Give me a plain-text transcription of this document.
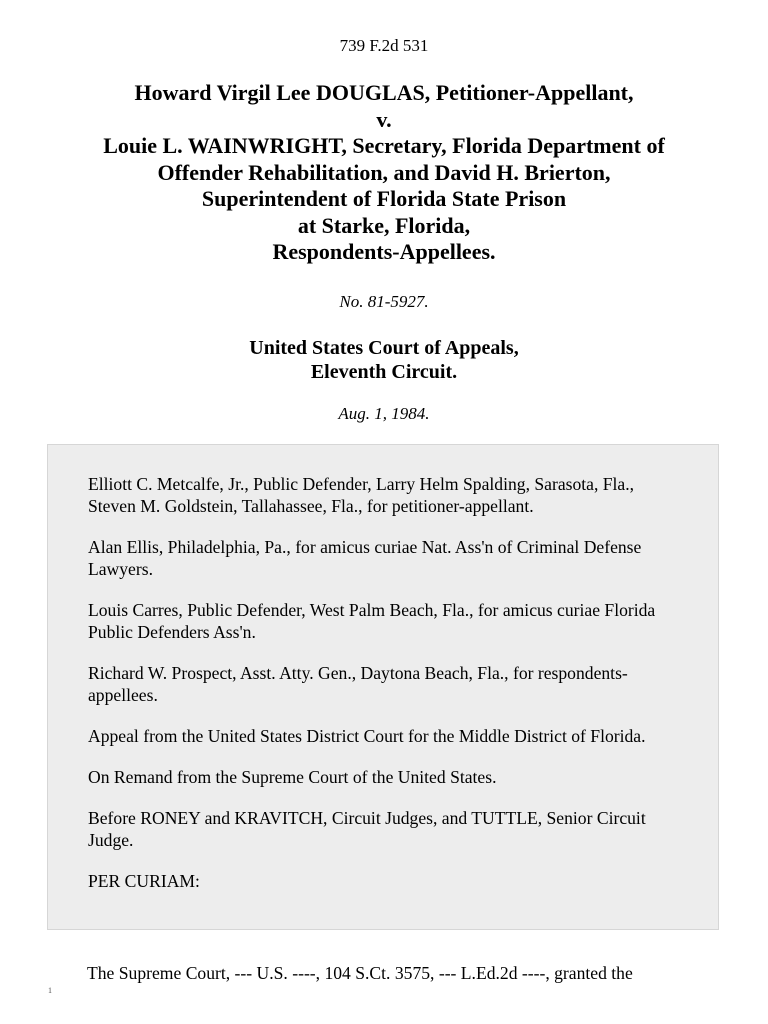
739 F.2d 531
Howard Virgil Lee DOUGLAS, Petitioner-Appellant,
v.
Louie L. WAINWRIGHT, Secretary, Florida Department of
Offender Rehabilitation, and David H. Brierton,
Superintendent of Florida State Prison
at Starke, Florida,
Respondents-Appellees.
No. 81-5927.
United States Court of Appeals,
Eleventh Circuit.
Aug. 1, 1984.

Elliott C. Metcalfe, Jr., Public Defender, Larry Helm Spalding, Sarasota, Fla., Steven M. Goldstein, Tallahassee, Fla., for petitioner-appellant.

Alan Ellis, Philadelphia, Pa., for amicus curiae Nat. Ass'n of Criminal Defense Lawyers.

Louis Carres, Public Defender, West Palm Beach, Fla., for amicus curiae Florida Public Defenders Ass'n.

Richard W. Prospect, Asst. Atty. Gen., Daytona Beach, Fla., for respondents-appellees.

Appeal from the United States District Court for the Middle District of Florida.

On Remand from the Supreme Court of the United States.

Before RONEY and KRAVITCH, Circuit Judges, and TUTTLE, Senior Circuit Judge.

PER CURIAM:

The Supreme Court, --- U.S. ----, 104 S.Ct. 3575, --- L.Ed.2d ----, granted the
1
